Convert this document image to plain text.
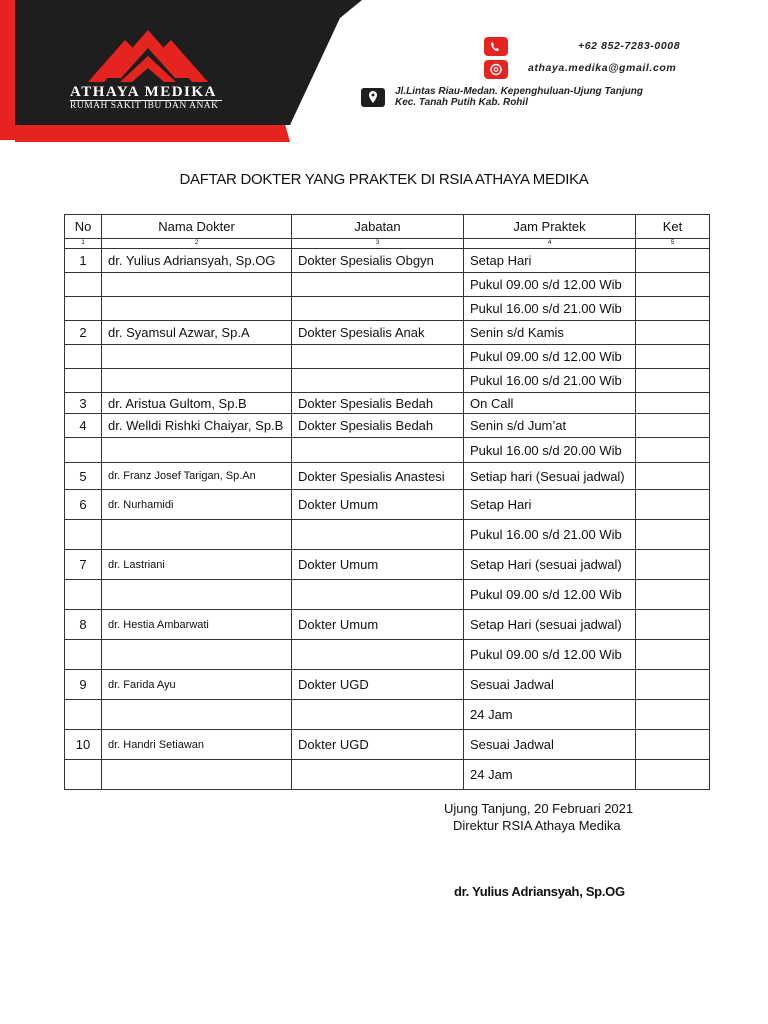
ATHAYA MEDIKA
RUMAH SAKIT IBU DAN ANAK
+62 852-7283-0008
athaya.medika@gmail.com
Jl.Lintas Riau-Medan. Kepenghuluan-Ujung Tanjung
Kec. Tanah Putih Kab. Rohil
DAFTAR DOKTER YANG PRAKTEK DI RSIA ATHAYA MEDIKA
No	Nama Dokter	Jabatan	Jam Praktek	Ket
1	2	3	4	5
1	dr. Yulius Adriansyah, Sp.OG	Dokter Spesialis Obgyn	Setap Hari	
			Pukul 09.00 s/d 12.00 Wib	
			Pukul 16.00 s/d 21.00 Wib	
2	dr. Syamsul Azwar, Sp.A	Dokter Spesialis Anak	Senin s/d Kamis	
			Pukul 09.00 s/d 12.00 Wib	
			Pukul 16.00 s/d 21.00 Wib	
3	dr. Aristua Gultom, Sp.B	Dokter Spesialis Bedah	On Call	
4	dr. Welldi Rishki Chaiyar, Sp.B	Dokter Spesialis Bedah	Senin s/d Jum’at	
			Pukul 16.00 s/d 20.00 Wib	
5	dr. Franz Josef Tarigan, Sp.An	Dokter Spesialis Anastesi	Setiap hari (Sesuai jadwal)	
6	dr. Nurhamidi	Dokter Umum	Setap Hari	
			Pukul 16.00 s/d 21.00 Wib	
7	dr. Lastriani	Dokter Umum	Setap Hari (sesuai jadwal)	
			Pukul 09.00 s/d 12.00 Wib	
8	dr. Hestia Ambarwati	Dokter Umum	Setap Hari (sesuai jadwal)	
			Pukul 09.00 s/d 12.00 Wib	
9	dr. Farida Ayu	Dokter UGD	Sesuai Jadwal	
			24 Jam	
10	dr. Handri Setiawan	Dokter UGD	Sesuai Jadwal	
			24 Jam	
Ujung Tanjung, 20 Februari 2021
Direktur RSIA Athaya Medika
dr. Yulius Adriansyah, Sp.OG
